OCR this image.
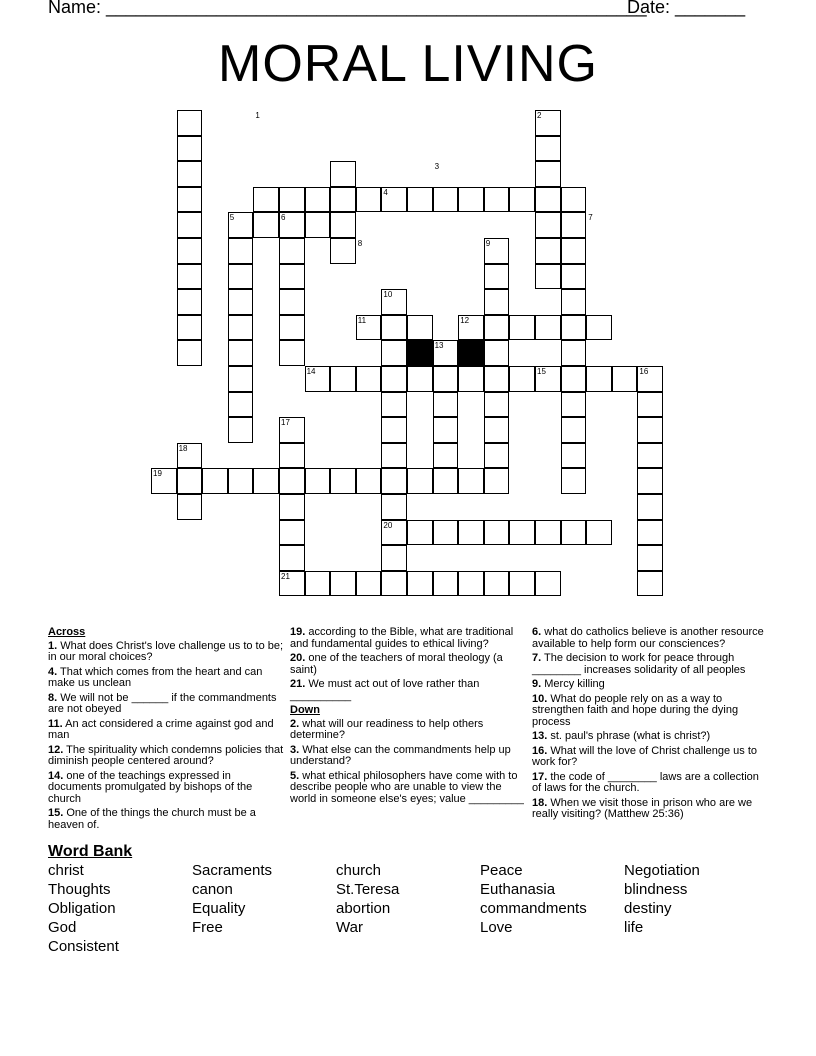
Name: ______________________________________________________
Date: _______
MORAL LIVING
1	2
3
4
5	6	7
8	9
10
11	12
13
14	15	16
17
18
19
20
21
Across
1. What does Christ's love challenge us to to be; in our moral choices?
4. That which comes from the heart and can make us unclean
8. We will not be ______ if the commandments are not obeyed
11. An act considered a crime against god and man
12. The spirituality which condemns policies that diminish people centered around?
14. one of the teachings expressed in documents promulgated by bishops of the church
15. One of the things the church must be a heaven of.
19. according to the Bible, what are traditional and fundamental guides to ethical living?
20. one of the teachers of moral theology (a saint)
21. We must act out of love rather than __________
Down
2. what will our readiness to help others determine?
3. What else can the commandments help up understand?
5. what ethical philosophers have come with to describe people who are unable to view the world in someone else's eyes; value _________
6. what do catholics believe is another resource available to help form our consciences?
7. The decision to work for peace through ________ increases solidarity of all peoples
9. Mercy killing
10. What do people rely on as a way to strengthen faith and hope during the dying process
13. st. paul's phrase (what is christ?)
16. What will the love of Christ challenge us to work for?
17. the code of ________ laws are a collection of laws for the church.
18. When we visit those in prison who are we really visiting? (Matthew 25:36)
Word Bank
christ	Sacraments	church	Peace	Negotiation
Thoughts	canon	St.Teresa	Euthanasia	blindness
Obligation	Equality	abortion	commandments	destiny
God	Free	War	Love	life
Consistent
